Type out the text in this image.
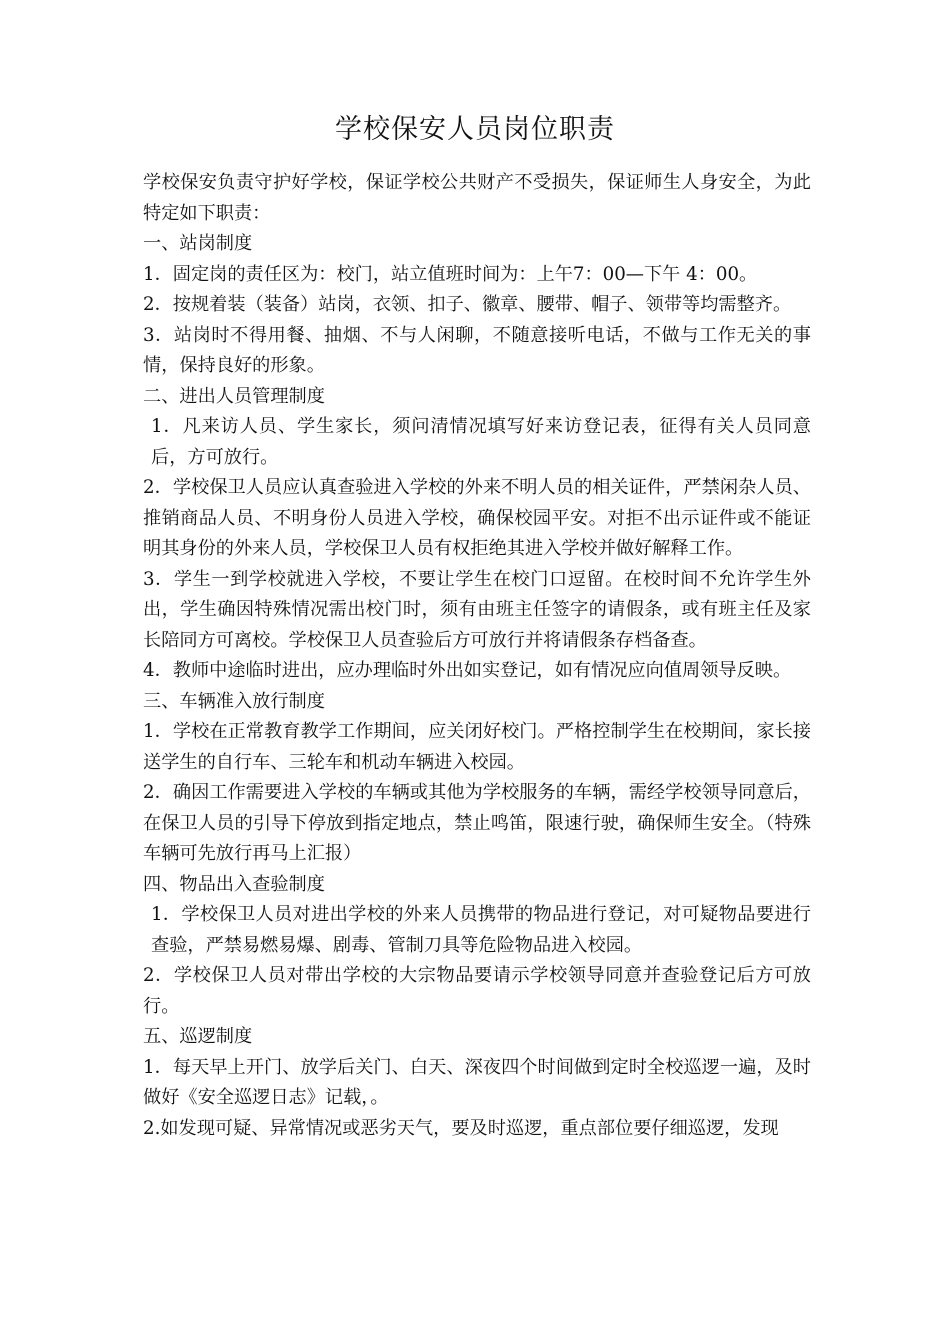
学校保安人员岗位职责

学校保安负责守护好学校，保证学校公共财产不受损失，保证师生人身安全，为此特定如下职责：

一、站岗制度

1．固定岗的责任区为：校门，站立值班时间为：上午7：00—下午 4：00。

2．按规着装（装备）站岗，衣领、扣子、徽章、腰带、帽子、领带等均需整齐。

3．站岗时不得用餐、抽烟、不与人闲聊，不随意接听电话，不做与工作无关的事情，保持良好的形象。

二、进出人员管理制度

1．凡来访人员、学生家长，须问清情况填写好来访登记表，征得有关人员同意后，方可放行。

2．学校保卫人员应认真查验进入学校的外来不明人员的相关证件，严禁闲杂人员、推销商品人员、不明身份人员进入学校，确保校园平安。对拒不出示证件或不能证明其身份的外来人员，学校保卫人员有权拒绝其进入学校并做好解释工作。

3．学生一到学校就进入学校，不要让学生在校门口逗留。在校时间不允许学生外出，学生确因特殊情况需出校门时，须有由班主任签字的请假条，或有班主任及家长陪同方可离校。学校保卫人员查验后方可放行并将请假条存档备查。

4．教师中途临时进出，应办理临时外出如实登记，如有情况应向值周领导反映。

三、车辆准入放行制度

1．学校在正常教育教学工作期间，应关闭好校门。严格控制学生在校期间，家长接送学生的自行车、三轮车和机动车辆进入校园。

2．确因工作需要进入学校的车辆或其他为学校服务的车辆，需经学校领导同意后，在保卫人员的引导下停放到指定地点，禁止鸣笛，限速行驶，确保师生安全。（特殊车辆可先放行再马上汇报）

四、物品出入查验制度

1．学校保卫人员对进出学校的外来人员携带的物品进行登记，对可疑物品要进行查验，严禁易燃易爆、剧毒、管制刀具等危险物品进入校园。

2．学校保卫人员对带出学校的大宗物品要请示学校领导同意并查验登记后方可放行。

五、巡逻制度

1．每天早上开门、放学后关门、白天、深夜四个时间做到定时全校巡逻一遍，及时做好《安全巡逻日志》记载，。

2.如发现可疑、异常情况或恶劣天气，要及时巡逻，重点部位要仔细巡逻，发现
